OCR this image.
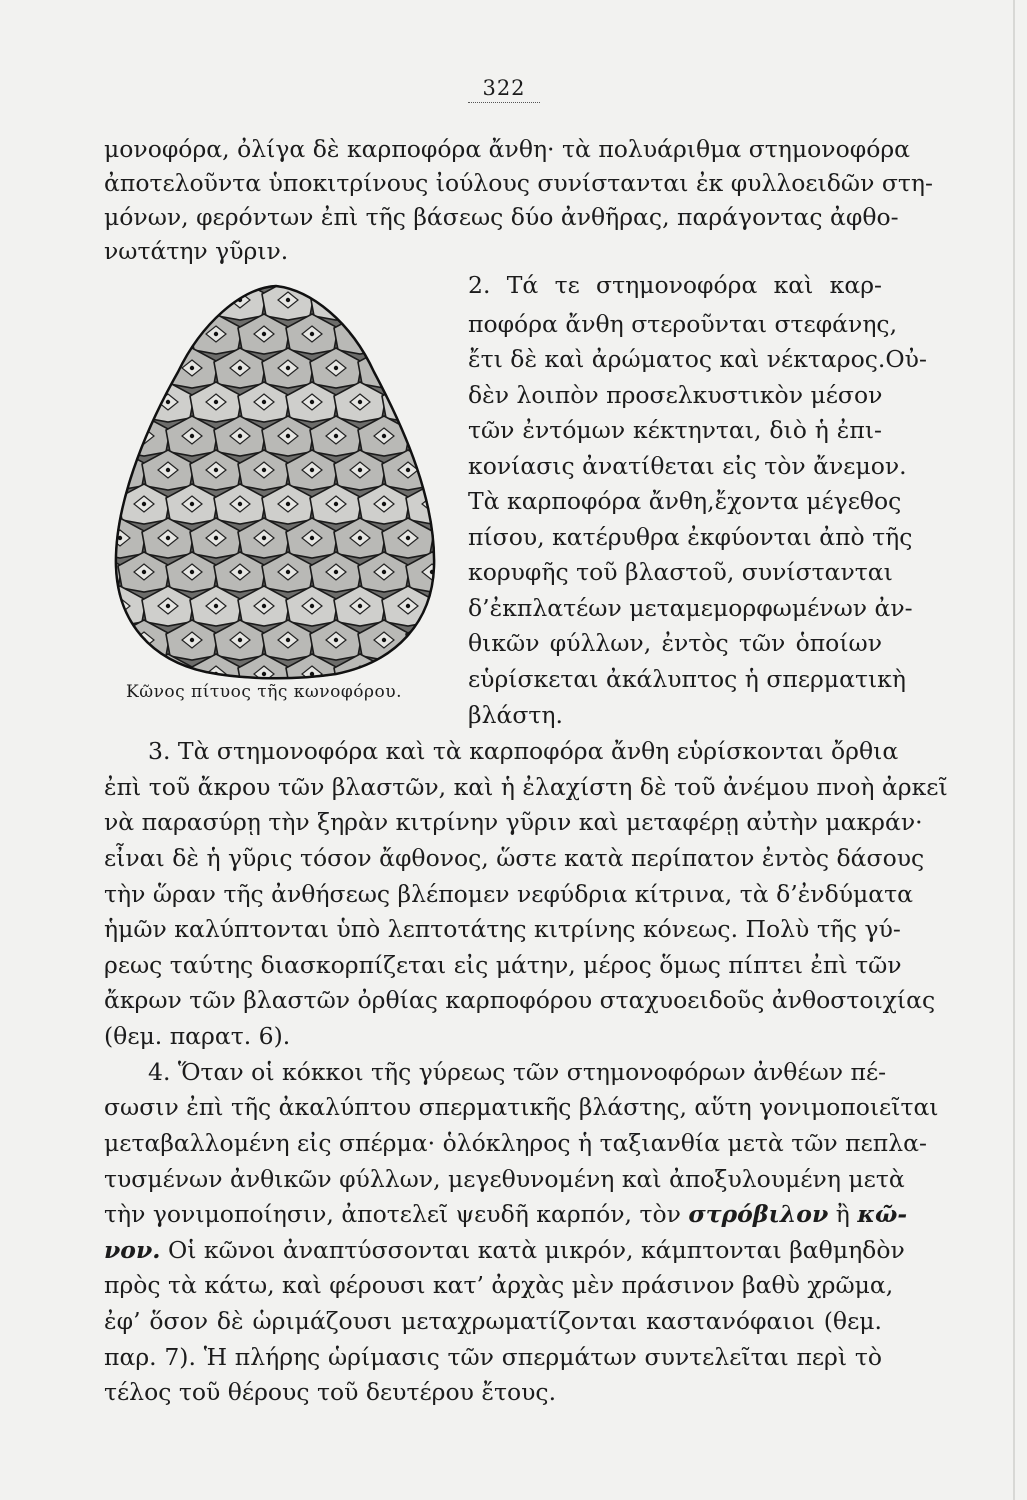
322
μονοφόρα, ὀλίγα δὲ καρποφόρα ἄνθη· τὰ πολυάριθμα στημονοφόρα
ἀποτελοῦντα ὑποκιτρίνους ἰούλους συνίστανται ἐκ φυλλοειδῶν στη-
μόνων, φερόντων ἐπὶ τῆς βάσεως δύο ἀνθῆρας, παράγοντας ἀφθο-
νωτάτην γῦριν.
Κῶνος πίτυος τῆς κωνοφόρου.
2. Τά τε στημονοφόρα καὶ καρ-
ποφόρα ἄνθη στεροῦνται στεφάνης,
ἔτι δὲ καὶ ἀρώματος καὶ νέκταρος.Οὐ-
δὲν λοιπὸν προσελκυστικὸν μέσον
τῶν ἐντόμων κέκτηνται, διὸ ἡ ἐπι-
κονίασις ἀνατίθεται εἰς τὸν ἄνεμον.
Τὰ καρποφόρα ἄνθη,ἔχοντα μέγεθος
πίσου, κατέρυθρα ἐκφύονται ἀπὸ τῆς
κορυφῆς τοῦ βλαστοῦ, συνίστανται
δ’ἐκπλατέων μεταμεμορφωμένων ἀν-
θικῶν φύλλων, ἐντὸς τῶν ὁποίων
εὑρίσκεται ἀκάλυπτος ἡ σπερματικὴ
βλάστη.
3. Τὰ στημονοφόρα καὶ τὰ καρποφόρα ἄνθη εὑρίσκονται ὄρθια
ἐπὶ τοῦ ἄκρου τῶν βλαστῶν, καὶ ἡ ἐλαχίστη δὲ τοῦ ἀνέμου πνοὴ ἀρκεῖ
νὰ παρασύρῃ τὴν ξηρὰν κιτρίνην γῦριν καὶ μεταφέρῃ αὐτὴν μακράν·
εἶναι δὲ ἡ γῦρις τόσον ἄφθονος, ὥστε κατὰ περίπατον ἐντὸς δάσους
τὴν ὥραν τῆς ἀνθήσεως βλέπομεν νεφύδρια κίτρινα, τὰ δ’ἐνδύματα
ἡμῶν καλύπτονται ὑπὸ λεπτοτάτης κιτρίνης κόνεως. Πολὺ τῆς γύ-
ρεως ταύτης διασκορπίζεται εἰς μάτην, μέρος ὅμως πίπτει ἐπὶ τῶν
ἄκρων τῶν βλαστῶν ὀρθίας καρποφόρου σταχυοειδοῦς ἀνθοστοιχίας
(θεμ. παρατ. 6).
4. Ὅταν οἱ κόκκοι τῆς γύρεως τῶν στημονοφόρων ἀνθέων πέ-
σωσιν ἐπὶ τῆς ἀκαλύπτου σπερματικῆς βλάστης, αὕτη γονιμοποιεῖται
μεταβαλλομένη εἰς σπέρμα· ὁλόκληρος ἡ ταξιανθία μετὰ τῶν πεπλα-
τυσμένων ἀνθικῶν φύλλων, μεγεθυνομένη καὶ ἀποξυλουμένη μετὰ
τὴν γονιμοποίησιν, ἀποτελεῖ ψευδῆ καρπόν, τὸν στρόβιλον ἢ κῶ-
νον. Οἱ κῶνοι ἀναπτύσσονται κατὰ μικρόν, κάμπτονται βαθμηδὸν
πρὸς τὰ κάτω, καὶ φέρουσι κατ’ ἀρχὰς μὲν πράσινον βαθὺ χρῶμα,
ἐφ’ ὅσον δὲ ὡριμάζουσι μεταχρωματίζονται καστανόφαιοι (θεμ.
παρ. 7). Ἡ πλήρης ὡρίμασις τῶν σπερμάτων συντελεῖται περὶ τὸ
τέλος τοῦ θέρους τοῦ δευτέρου ἔτους.
